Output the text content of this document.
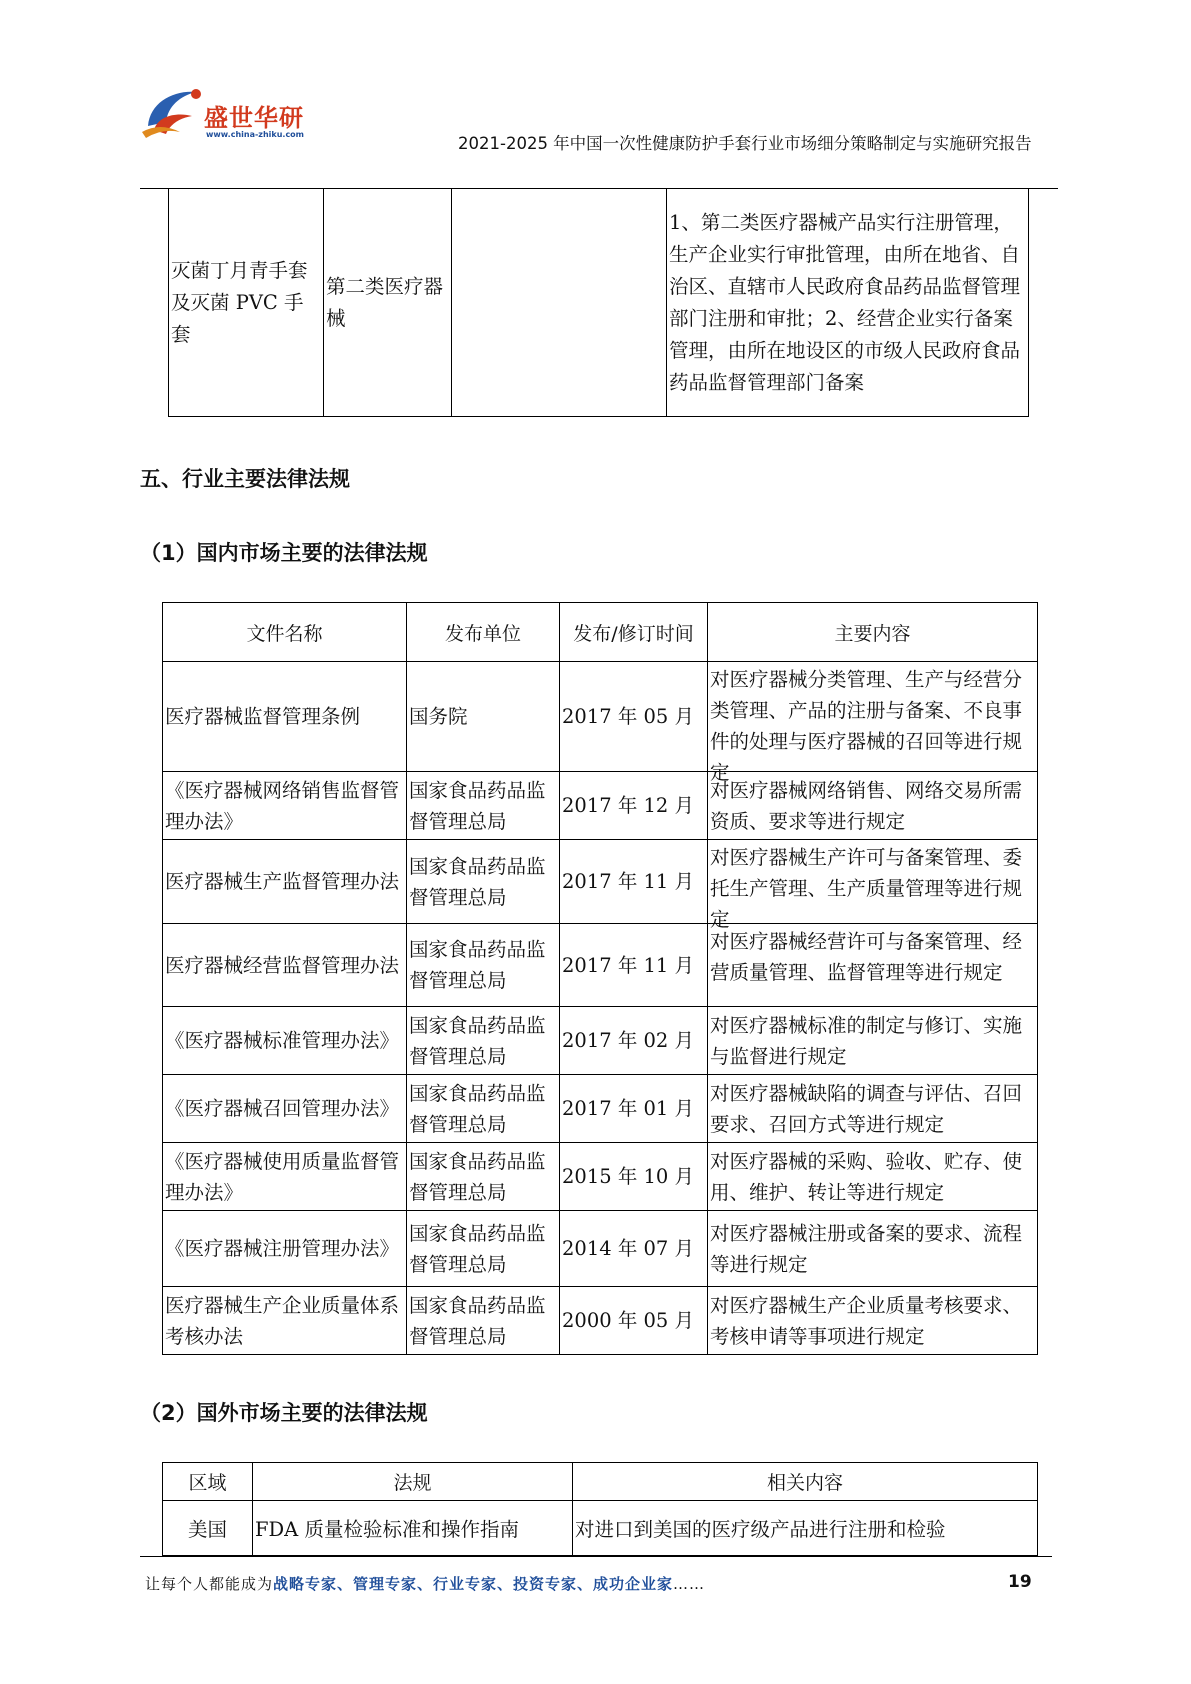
盛世华研
www.china-zhiku.com	2021-2025 年中国一次性健康防护手套行业市场细分策略制定与实施研究报告
灭菌丁月青手套及灭菌 PVC 手套	第二类医疗器械		1、第二类医疗器械产品实行注册管理，生产企业实行审批管理，由所在地省、自治区、直辖市人民政府食品药品监督管理部门注册和审批；2、经营企业实行备案管理，由所在地设区的市级人民政府食品药品监督管理部门备案
五、行业主要法律法规
（1）国内市场主要的法律法规
文件名称	发布单位	发布/修订时间	主要内容
医疗器械监督管理条例	国务院	2017 年 05 月	对医疗器械分类管理、生产与经营分类管理、产品的注册与备案、不良事件的处理与医疗器械的召回等进行规定

《医疗器械网络销售监督管理办法》	国家食品药品监督管理总局	2017 年 12 月	对医疗器械网络销售、网络交易所需资质、要求等进行规定
医疗器械生产监督管理办法	国家食品药品监督管理总局	2017 年 11 月	对医疗器械生产许可与备案管理、委托生产管理、生产质量管理等进行规定

医疗器械经营监督管理办法	国家食品药品监督管理总局	2017 年 11 月	对医疗器械经营许可与备案管理、经营质量管理、监督管理等进行规定

《医疗器械标准管理办法》	国家食品药品监督管理总局	2017 年 02 月	对医疗器械标准的制定与修订、实施与监督进行规定
《医疗器械召回管理办法》	国家食品药品监督管理总局	2017 年 01 月	对医疗器械缺陷的调查与评估、召回要求、召回方式等进行规定
《医疗器械使用质量监督管理办法》	国家食品药品监督管理总局	2015 年 10 月	对医疗器械的采购、验收、贮存、使用、维护、转让等进行规定
《医疗器械注册管理办法》	国家食品药品监督管理总局	2014 年 07 月	对医疗器械注册或备案的要求、流程等进行规定
医疗器械生产企业质量体系考核办法	国家食品药品监督管理总局	2000 年 05 月	对医疗器械生产企业质量考核要求、考核申请等事项进行规定
（2）国外市场主要的法律法规
区域	法规	相关内容
美国	FDA 质量检验标准和操作指南	对进口到美国的医疗级产品进行注册和检验
让每个人都能成为战略专家、管理专家、行业专家、投资专家、成功企业家……	19
